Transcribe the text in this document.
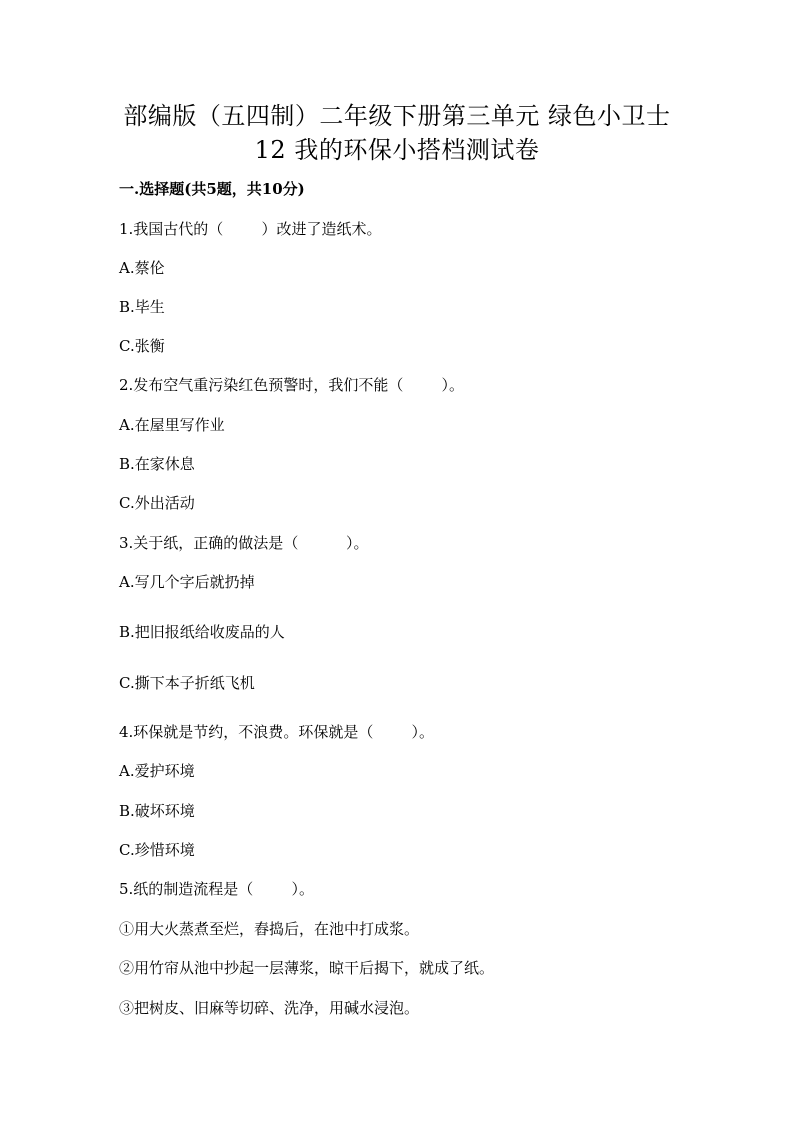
部编版（五四制）二年级下册第三单元 绿色小卫士
12 我的环保小搭档测试卷
一.选择题(共5题，共10分)
1.我国古代的（        ）改进了造纸术。
A.蔡伦
B.毕生
C.张衡
2.发布空气重污染红色预警时，我们不能（        ）。
A.在屋里写作业
B.在家休息
C.外出活动
3.关于纸，正确的做法是（          ）。
A.写几个字后就扔掉
B.把旧报纸给收废品的人
C.撕下本子折纸飞机
4.环保就是节约，不浪费。环保就是（        ）。
A.爱护环境
B.破坏环境
C.珍惜环境
5.纸的制造流程是（        ）。
①用大火蒸煮至烂，舂捣后，在池中打成浆。
②用竹帘从池中抄起一层薄浆，晾干后揭下，就成了纸。
③把树皮、旧麻等切碎、洗净，用碱水浸泡。
